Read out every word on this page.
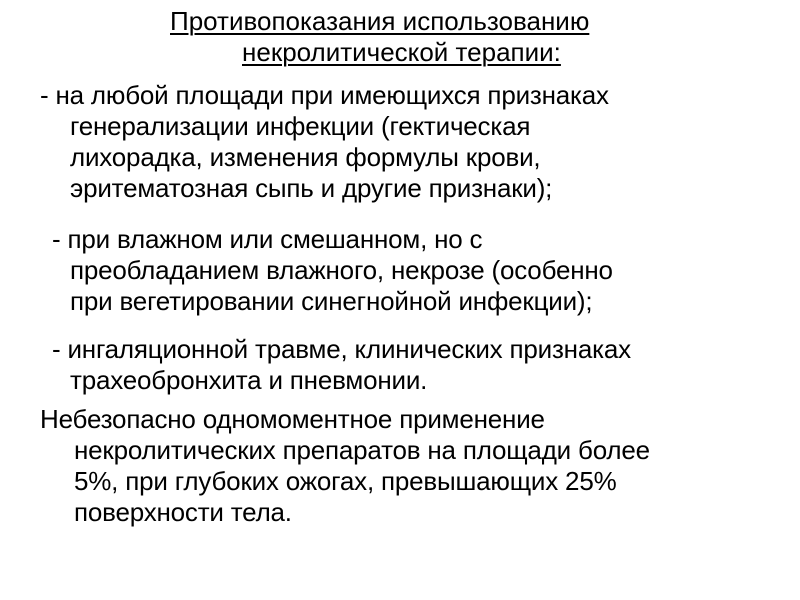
Противопоказания использованию
некролитической терапии:
- на любой площади при имеющихся признаках
генерализации инфекции (гектическая
лихорадка, изменения формулы крови,
эритематозная сыпь и другие признаки);
- при влажном или смешанном, но с
преобладанием влажного, некрозе (особенно
при вегетировании синегнойной инфекции);
- ингаляционной травме, клинических признаках
трахеобронхита и пневмонии.
Небезопасно одномоментное применение
некролитических препаратов на площади более
5%, при глубоких ожогах, превышающих 25%
поверхности тела.
